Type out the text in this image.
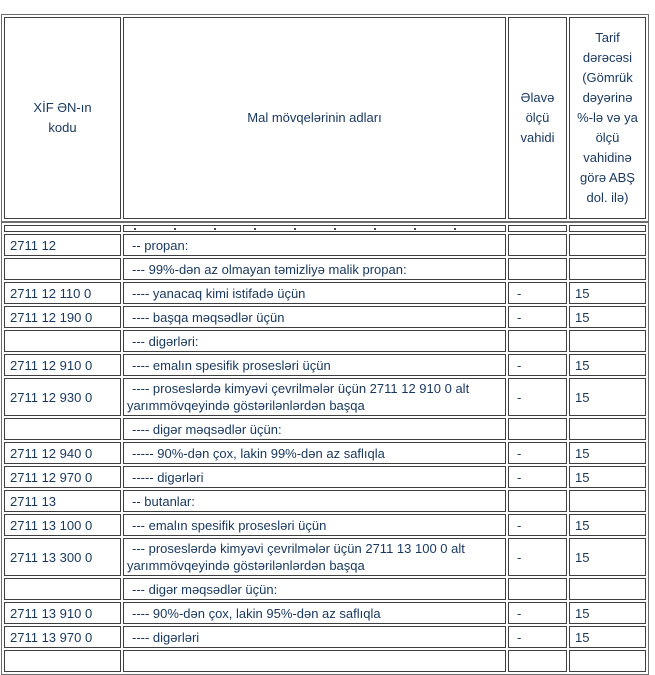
XİF ƏN-ın kodu	Mal mövqelərinin adları	Əlavə ölçü vahidi	Tarif dərəcəsi (Gömrük dəyərinə %-lə və ya ölçü vahidinə görə ABŞ dol. ilə)

2711 12	-- propan:		
	--- 99%-dən az olmayan təmizliyə malik propan:		
2711 12 110 0	---- yanacaq kimi istifadə üçün	-	15
2711 12 190 0	---- başqa məqsədlər üçün	-	15
	--- digərləri:		
2711 12 910 0	---- emalın spesifik prosesləri üçün	-	15
2711 12 930 0	---- proseslərdə kimyəvi çevrilmələr üçün 2711 12 910 0 alt yarımmövqeyində göstərilənlərdən başqa	-	15
	---- digər məqsədlər üçün:		
2711 12 940 0	----- 90%-dən çox, lakin 99%-dən az saflıqla	-	15
2711 12 970 0	----- digərləri	-	15
2711 13	-- butanlar:		
2711 13 100 0	--- emalın spesifik prosesləri üçün	-	15
2711 13 300 0	--- proseslərdə kimyəvi çevrilmələr üçün 2711 13 100 0 alt yarımmövqeyində göstərilənlərdən başqa	-	15
	--- digər məqsədlər üçün:		
2711 13 910 0	---- 90%-dən çox, lakin 95%-dən az saflıqla	-	15
2711 13 970 0	---- digərləri	-	15
